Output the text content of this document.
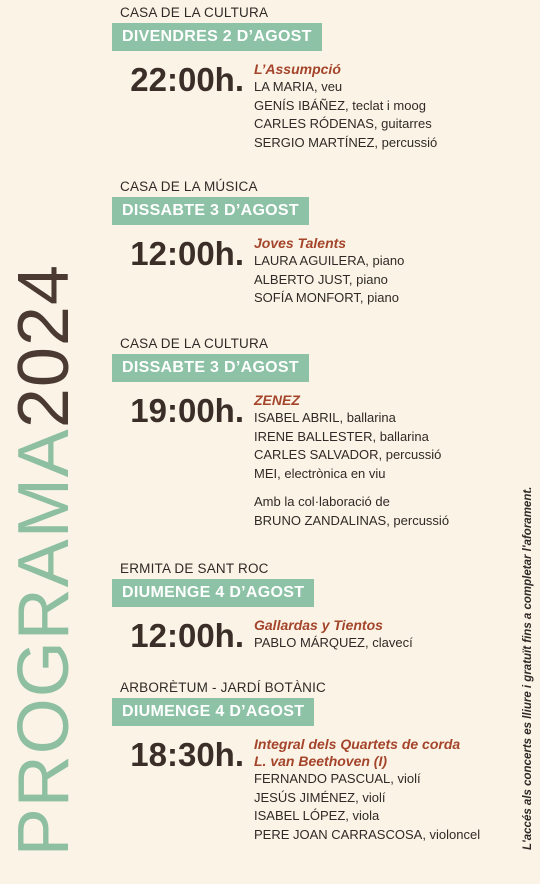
PROGRAMA2024
L'accés als concerts es lliure i gratuït fins a completar l'aforament.
CASA DE LA CULTURA
DIVENDRES 2 D’AGOST
22:00h. L’Assumpció
LA MARIA, veu
GENÍS IBÁÑEZ, teclat i moog
CARLES RÓDENAS, guitarres
SERGIO MARTÍNEZ, percussió
CASA DE LA MÚSICA
DISSABTE 3 D’AGOST
12:00h. Joves Talents
LAURA AGUILERA, piano
ALBERTO JUST, piano
SOFÍA MONFORT, piano
CASA DE LA CULTURA
DISSABTE 3 D’AGOST
19:00h. ZENEZ
ISABEL ABRIL, ballarina
IRENE BALLESTER, ballarina
CARLES SALVADOR, percussió
MEI, electrònica en viu
Amb la col·laboració de
BRUNO ZANDALINAS, percussió
ERMITA DE SANT ROC
DIUMENGE 4 D’AGOST
12:00h. Gallardas y Tientos
PABLO MÁRQUEZ, clavecí
ARBORÈTUM - JARDÍ BOTÀNIC
DIUMENGE 4 D’AGOST
18:30h. Integral dels Quartets de corda
L. van Beethoven (I)
FERNANDO PASCUAL, violí
JESÚS JIMÉNEZ, violí
ISABEL LÓPEZ, viola
PERE JOAN CARRASCOSA, violoncel
